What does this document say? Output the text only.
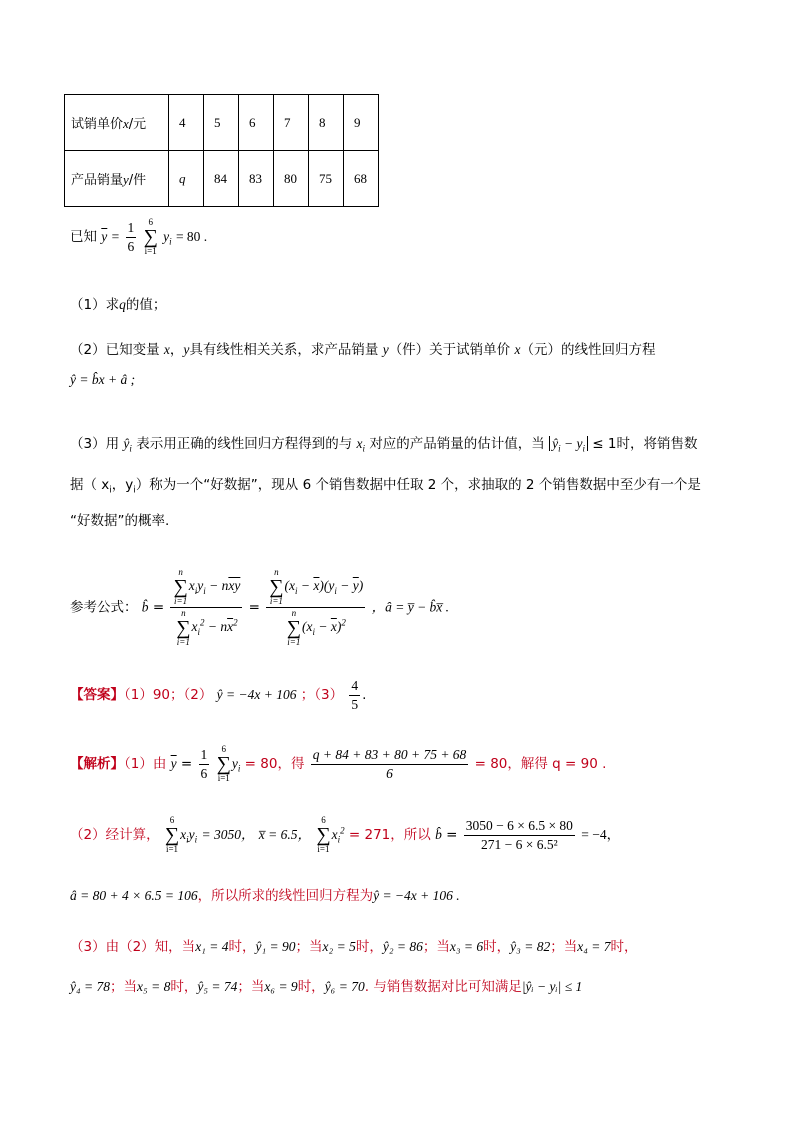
试销单价x/元	4	5	6	7	8	9
产品销量y/件	q	84	83	80	75	68
已知 $\overline{y} = \frac{1}{6} 6$
∑
i=1 $y_i = 80$ .
（1）求q的值；
（2）已知变量 x，y具有线性相关关系，求产品销量 y（件）关于试销单价 x（元）的线性回归方程
ŷ = b̂x + â ;
（3）用 $ŷ_i$ 表示用正确的线性回归方程得到的与 $x_i$ 对应的产品销量的估计值，当 $ŷ_i - y_i \le 1$时，将销售数
据（ $x_i$，$y_i$）称为一个“好数据”，现从 6 个销售数据中任取 2 个，求抽取的 2 个销售数据中至少有一个是
“好数据”的概率.
参考公式： b̂ = n
∑
$i=1x_iy_i - n\overline{xy}$
n
∑
$i=1x_i^2 - n\overline{x}^2 = n$
∑
$i=1(x_i - \overline{x})(y_i - \overline{y})$
n
∑
$i=1(x_i - \overline{x})^2$ ，â = y̅ − b̂x̅ .
【答案】（1）90；（2） ŷ = −4x + 106 ；$(3) \frac{4}{5}$ .
【解析】（1）由 $\overline{y} = \frac{1}{6} 6$
∑
$i=1y_i = 80$，得 $\frac{q + 84 + 83 + 80 + 75 + 68}{6} = 80$，解得 q = 90 .
（2）经计算， 6
∑
$i=1x_iy_i = 3050$， x̅ = 6.5， 6
∑
$i=1x_i^2 = 271$，所以 b̂ = $\frac{3050 - 6 \times 6.5 \times 80}{\text{271 − 6 × 6.5²}} = -4$，
â = 80 + 4 × 6.5 = 106，所以所求的线性回归方程为ŷ = −4x + 106 .
（3）由（2）知，当x₁ = 4时，ŷ₁ = 90；当x₂ = 5时，ŷ₂ = 86；当x₃ = 6时，ŷ₃ = 82；当x₄ = 7时，
ŷ₄ = 78；当x₅ = 8时，ŷ₅ = 74；当x₆ = 9时，ŷ₆ = 70. 与销售数据对比可知满足|ŷᵢ − yᵢ| ≤ 1
